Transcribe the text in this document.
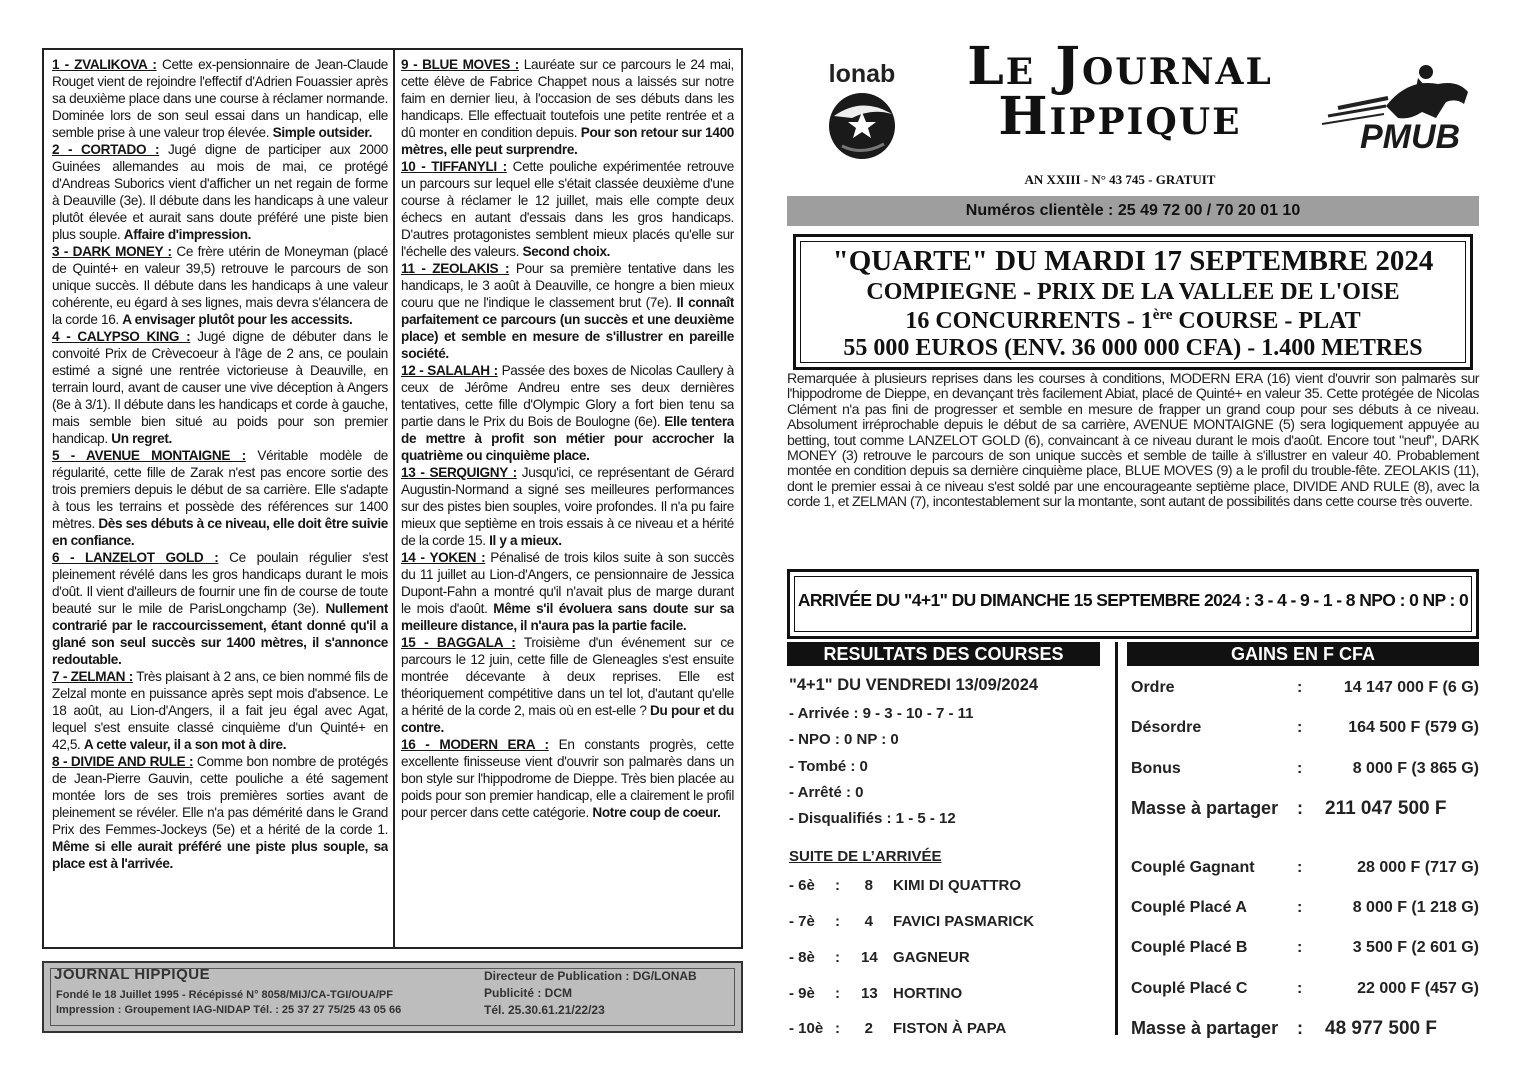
1 - ZVALIKOVA : Cette ex-pensionnaire de Jean-Claude Rouget vient de rejoindre l'effectif d'Adrien Fouassier après sa deuxième place dans une course à réclamer normande. Dominée lors de son seul essai dans un handicap, elle semble prise à une valeur trop élevée. Simple outsider.
2 - CORTADO : Jugé digne de participer aux 2000 Guinées allemandes au mois de mai, ce protégé d'Andreas Suborics vient d'afficher un net regain de forme à Deauville (3e). Il débute dans les handicaps à une valeur plutôt élevée et aurait sans doute préféré une piste bien plus souple. Affaire d'impression.
3 - DARK MONEY : Ce frère utérin de Moneyman (placé de Quinté+ en valeur 39,5) retrouve le parcours de son unique succès. Il débute dans les handicaps à une valeur cohérente, eu égard à ses lignes, mais devra s'élancera de la corde 16. A envisager plutôt pour les accessits.
4 - CALYPSO KING : Jugé digne de débuter dans le convoité Prix de Crèvecoeur à l'âge de 2 ans, ce poulain estimé a signé une rentrée victorieuse à Deauville, en terrain lourd, avant de causer une vive déception à Angers (8e à 3/1). Il débute dans les handicaps et corde à gauche, mais semble bien situé au poids pour son premier handicap. Un regret.
5 - AVENUE MONTAIGNE : Véritable modèle de régularité, cette fille de Zarak n'est pas encore sortie des trois premiers depuis le début de sa carrière. Elle s'adapte à tous les terrains et possède des références sur 1400 mètres. Dès ses débuts à ce niveau, elle doit être suivie en confiance.
6 - LANZELOT GOLD : Ce poulain régulier s'est pleinement révélé dans les gros handicaps durant le mois d'oût. Il vient d'ailleurs de fournir une fin de course de toute beauté sur le mile de ParisLongchamp (3e). Nullement contrarié par le raccourcissement, étant donné qu'il a glané son seul succès sur 1400 mètres, il s'annonce redoutable.
7 - ZELMAN : Très plaisant à 2 ans, ce bien nommé fils de Zelzal monte en puissance après sept mois d'absence. Le 18 août, au Lion-d'Angers, il a fait jeu égal avec Agat, lequel s'est ensuite classé cinquième d'un Quinté+ en 42,5. A cette valeur, il a son mot à dire.
8 - DIVIDE AND RULE : Comme bon nombre de protégés de Jean-Pierre Gauvin, cette pouliche a été sagement montée lors de ses trois premières sorties avant de pleinement se révéler. Elle n'a pas démérité dans le Grand Prix des Femmes-Jockeys (5e) et a hérité de la corde 1. Même si elle aurait préféré une piste plus souple, sa place est à l'arrivée.
9 - BLUE MOVES : Lauréate sur ce parcours le 24 mai, cette élève de Fabrice Chappet nous a laissés sur notre faim en dernier lieu, à l'occasion de ses débuts dans les handicaps. Elle effectuait toutefois une petite rentrée et a dû monter en condition depuis. Pour son retour sur 1400 mètres, elle peut surprendre.
10 - TIFFANYLI : Cette pouliche expérimentée retrouve un parcours sur lequel elle s'était classée deuxième d'une course à réclamer le 12 juillet, mais elle compte deux échecs en autant d'essais dans les gros handicaps. D'autres protagonistes semblent mieux placés qu'elle sur l'échelle des valeurs. Second choix.
11 - ZEOLAKIS : Pour sa première tentative dans les handicaps, le 3 août à Deauville, ce hongre a bien mieux couru que ne l'indique le classement brut (7e). Il connaît parfaitement ce parcours (un succès et une deuxième place) et semble en mesure de s'illustrer en pareille société.
12 - SALALAH : Passée des boxes de Nicolas Caullery à ceux de Jérôme Andreu entre ses deux dernières tentatives, cette fille d'Olympic Glory a fort bien tenu sa partie dans le Prix du Bois de Boulogne (6e). Elle tentera de mettre à profit son métier pour accrocher la quatrième ou cinquième place.
13 - SERQUIGNY : Jusqu'ici, ce représentant de Gérard Augustin-Normand a signé ses meilleures performances sur des pistes bien souples, voire profondes. Il n'a pu faire mieux que septième en trois essais à ce niveau et a hérité de la corde 15. Il y a mieux.
14 - YOKEN : Pénalisé de trois kilos suite à son succès du 11 juillet au Lion-d'Angers, ce pensionnaire de Jessica Dupont-Fahn a montré qu'il n'avait plus de marge durant le mois d'août. Même s'il évoluera sans doute sur sa meilleure distance, il n'aura pas la partie facile.
15 - BAGGALA : Troisième d'un événement sur ce parcours le 12 juin, cette fille de Gleneagles s'est ensuite montrée décevante à deux reprises. Elle est théoriquement compétitive dans un tel lot, d'autant qu'elle a hérité de la corde 2, mais où en est-elle ? Du pour et du contre.
16 - MODERN ERA : En constants progrès, cette excellente finisseuse vient d'ouvrir son palmarès dans un bon style sur l'hippodrome de Dieppe. Très bien placée au poids pour son premier handicap, elle a clairement le profil pour percer dans cette catégorie. Notre coup de coeur.
JOURNAL HIPPIQUE
Fondé le 18 Juillet 1995 - Récépissé N° 8058/MIJ/CA-TGI/OUA/PF
Impression : Groupement IAG-NIDAP Tél. : 25 37 27 75/25 43 05 66
Directeur de Publication : DG/LONAB
Publicité : DCM
Tél. 25.30.61.21/22/23
lonab	Le Journal
Hippique
AN XXIII - N° 43 745 - GRATUIT
PMUB
Numéros clientèle : 25 49 72 00 / 70 20 01 10
"QUARTE" DU MARDI 17 SEPTEMBRE 2024
COMPIEGNE - PRIX DE LA VALLEE DE L'OISE
16 CONCURRENTS - 1ère COURSE - PLAT
55 000 EUROS (ENV. 36 000 000 CFA) - 1.400 METRES
Remarquée à plusieurs reprises dans les courses à conditions, MODERN ERA (16) vient d'ouvrir son palmarès sur l'hippodrome de Dieppe, en devançant très facilement Abiat, placé de Quinté+ en valeur 35. Cette protégée de Nicolas Clément n'a pas fini de progresser et semble en mesure de frapper un grand coup pour ses débuts à ce niveau. Absolument irréprochable depuis le début de sa carrière, AVENUE MONTAIGNE (5) sera logiquement appuyée au betting, tout comme LANZELOT GOLD (6), convaincant à ce niveau durant le mois d'août. Encore tout "neuf", DARK MONEY (3) retrouve le parcours de son unique succès et semble de taille à s'illustrer en valeur 40. Probablement montée en condition depuis sa dernière cinquième place, BLUE MOVES (9) a le profil du trouble-fête. ZEOLAKIS (11), dont le premier essai à ce niveau s'est soldé par une encourageante septième place, DIVIDE AND RULE (8), avec la corde 1, et ZELMAN (7), incontestablement sur la montante, sont autant de possibilités dans cette course très ouverte.
ARRIVÉE DU "4+1" DU DIMANCHE 15 SEPTEMBRE 2024 : 3 - 4 - 9 - 1 - 8 NPO : 0 NP : 0
RESULTATS DES COURSES	GAINS EN F CFA
"4+1" DU VENDREDI 13/09/2024
- Arrivée : 9 - 3 - 10 - 7 - 11
- NPO : 0 NP : 0
- Tombé : 0
- Arrêté : 0
- Disqualifiés : 1 - 5 - 12
SUITE DE L’ARRIVÉE
- 6è : 8 KIMI DI QUATTRO
- 7è : 4 FAVICI PASMARICK
- 8è : 14 GAGNEUR
- 9è : 13 HORTINO
- 10è : 2 FISTON À PAPA
Ordre	:	14 147 000 F (6 G)
Désordre	:	164 500 F (579 G)
Bonus	:	8 000 F (3 865 G)
Masse à partager : 211 047 500 F
Couplé Gagnant	:	28 000 F (717 G)
Couplé Placé A	:	8 000 F (1 218 G)
Couplé Placé B	:	3 500 F (2 601 G)
Couplé Placé C	:	22 000 F (457 G)
Masse à partager : 48 977 500 F
